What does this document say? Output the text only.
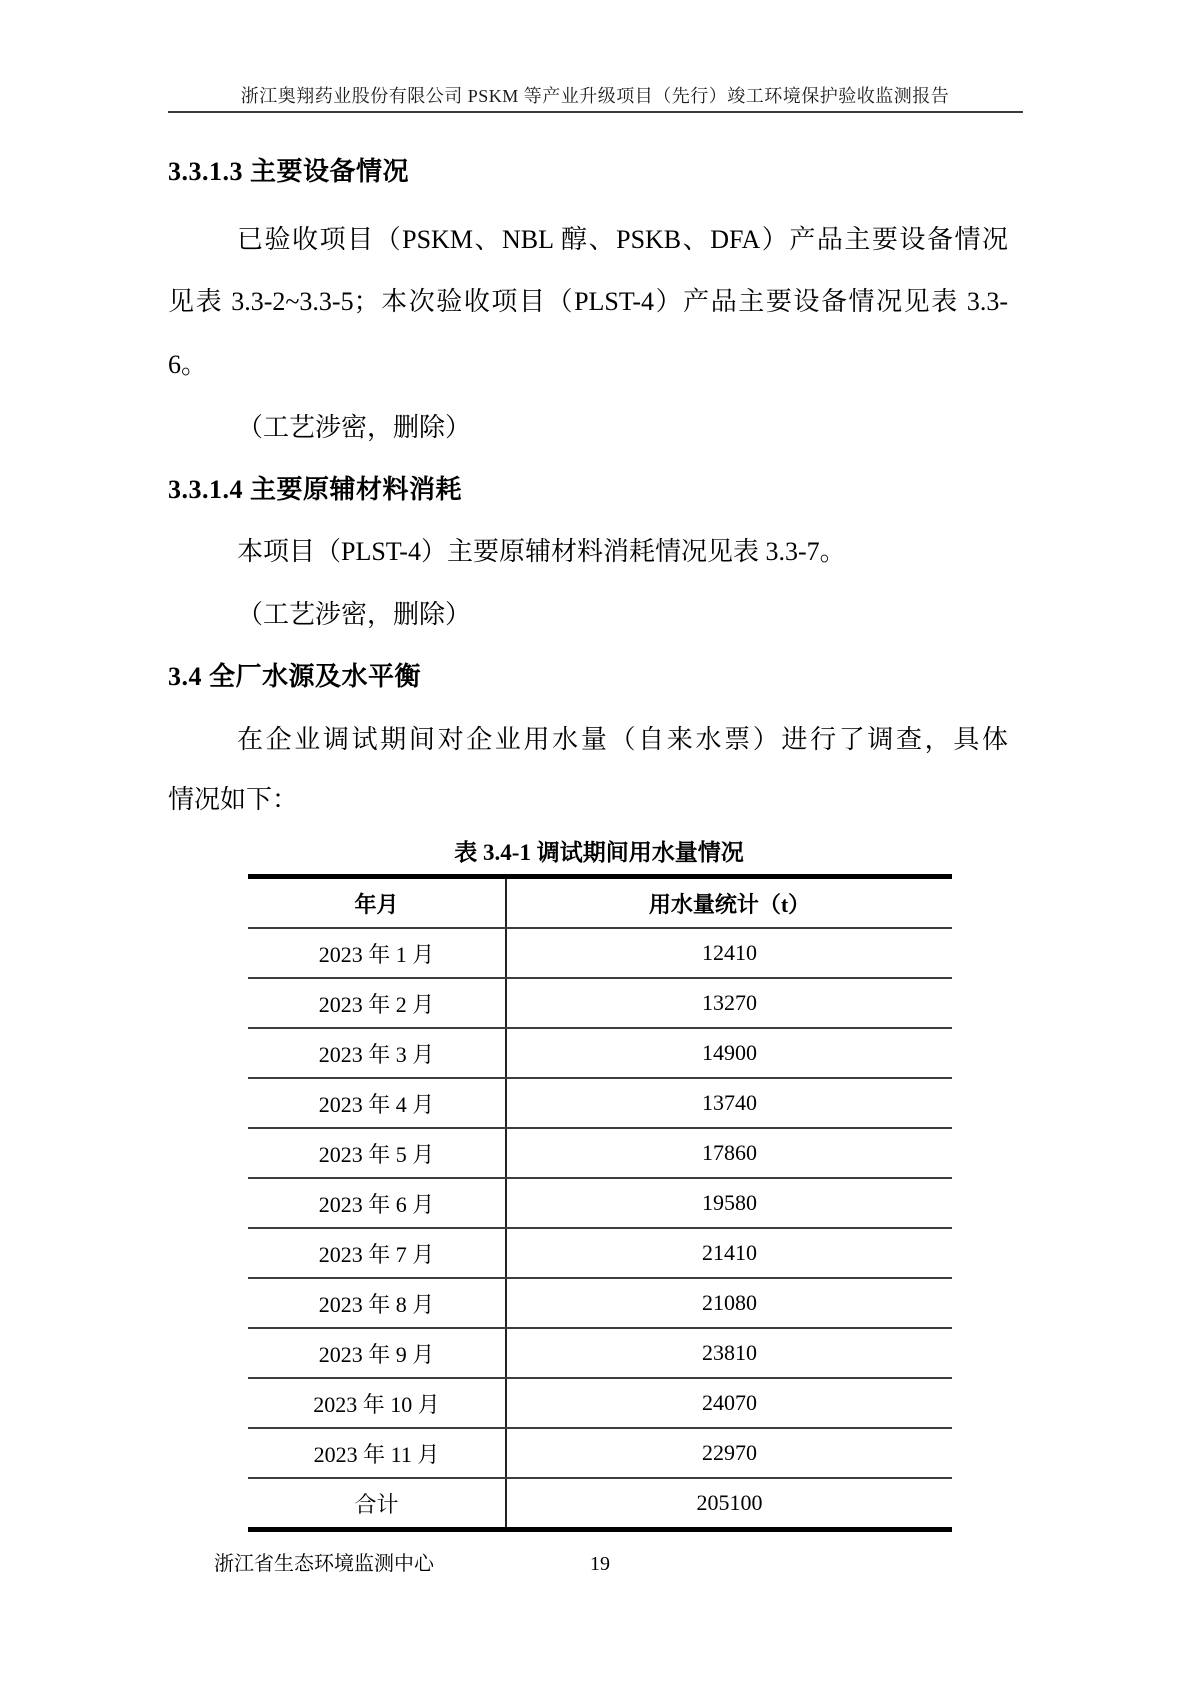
浙江奥翔药业股份有限公司 PSKM 等产业升级项目（先行）竣工环境保护验收监测报告
3.3.1.3 主要设备情况
已验收项目（PSKM、NBL 醇、PSKB、DFA）产品主要设备情况
见表 3.3-2~3.3-5；本次验收项目（PLST-4）产品主要设备情况见表 3.3-
6。
（工艺涉密，删除）
3.3.1.4 主要原辅材料消耗
本项目（PLST-4）主要原辅材料消耗情况见表 3.3-7。
（工艺涉密，删除）
3.4 全厂水源及水平衡
在企业调试期间对企业用水量（自来水票）进行了调查，具体
情况如下：
表 3.4-1 调试期间用水量情况
年月	用水量统计（t）
2023 年 1 月	12410
2023 年 2 月	13270
2023 年 3 月	14900
2023 年 4 月	13740
2023 年 5 月	17860
2023 年 6 月	19580
2023 年 7 月	21410
2023 年 8 月	21080
2023 年 9 月	23810
2023 年 10 月	24070
2023 年 11 月	22970
合计	205100
浙江省生态环境监测中心	19
